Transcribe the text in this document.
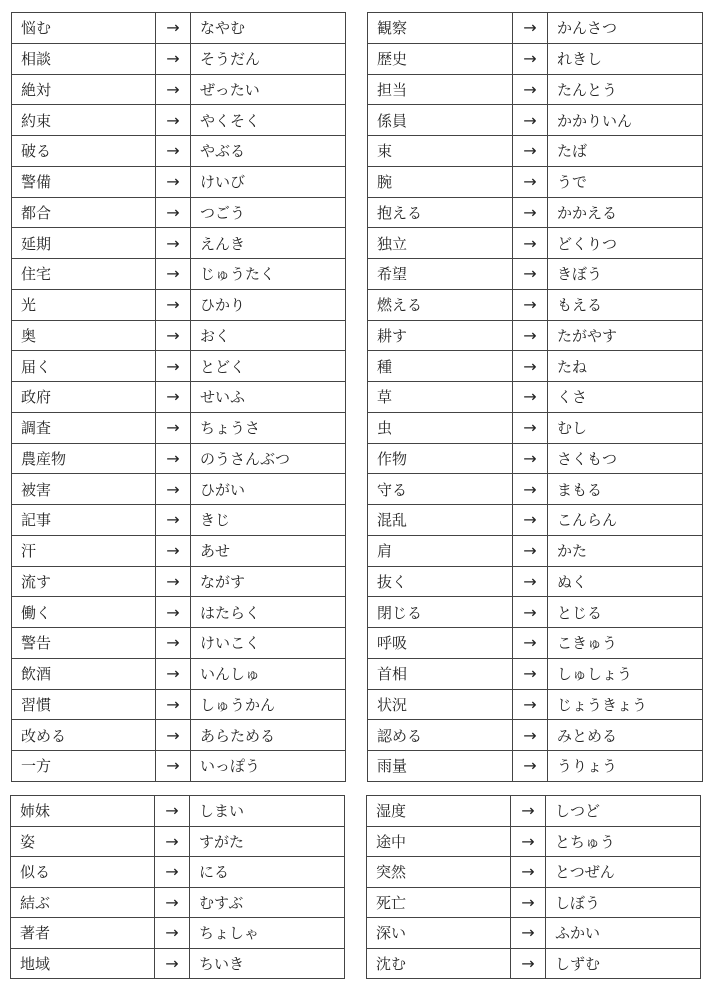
悩む	→	なやむ
相談	→	そうだん
絶対	→	ぜったい
約束	→	やくそく
破る	→	やぶる
警備	→	けいび
都合	→	つごう
延期	→	えんき
住宅	→	じゅうたく
光	→	ひかり
奥	→	おく
届く	→	とどく
政府	→	せいふ
調査	→	ちょうさ
農産物	→	のうさんぶつ
被害	→	ひがい
記事	→	きじ
汗	→	あせ
流す	→	ながす
働く	→	はたらく
警告	→	けいこく
飲酒	→	いんしゅ
習慣	→	しゅうかん
改める	→	あらためる
一方	→	いっぽう
観察	→	かんさつ
歴史	→	れきし
担当	→	たんとう
係員	→	かかりいん
束	→	たば
腕	→	うで
抱える	→	かかえる
独立	→	どくりつ
希望	→	きぼう
燃える	→	もえる
耕す	→	たがやす
種	→	たね
草	→	くさ
虫	→	むし
作物	→	さくもつ
守る	→	まもる
混乱	→	こんらん
肩	→	かた
抜く	→	ぬく
閉じる	→	とじる
呼吸	→	こきゅう
首相	→	しゅしょう
状況	→	じょうきょう
認める	→	みとめる
雨量	→	うりょう
姉妹	→	しまい
姿	→	すがた
似る	→	にる
結ぶ	→	むすぶ
著者	→	ちょしゃ
地域	→	ちいき
湿度	→	しつど
途中	→	とちゅう
突然	→	とつぜん
死亡	→	しぼう
深い	→	ふかい
沈む	→	しずむ
